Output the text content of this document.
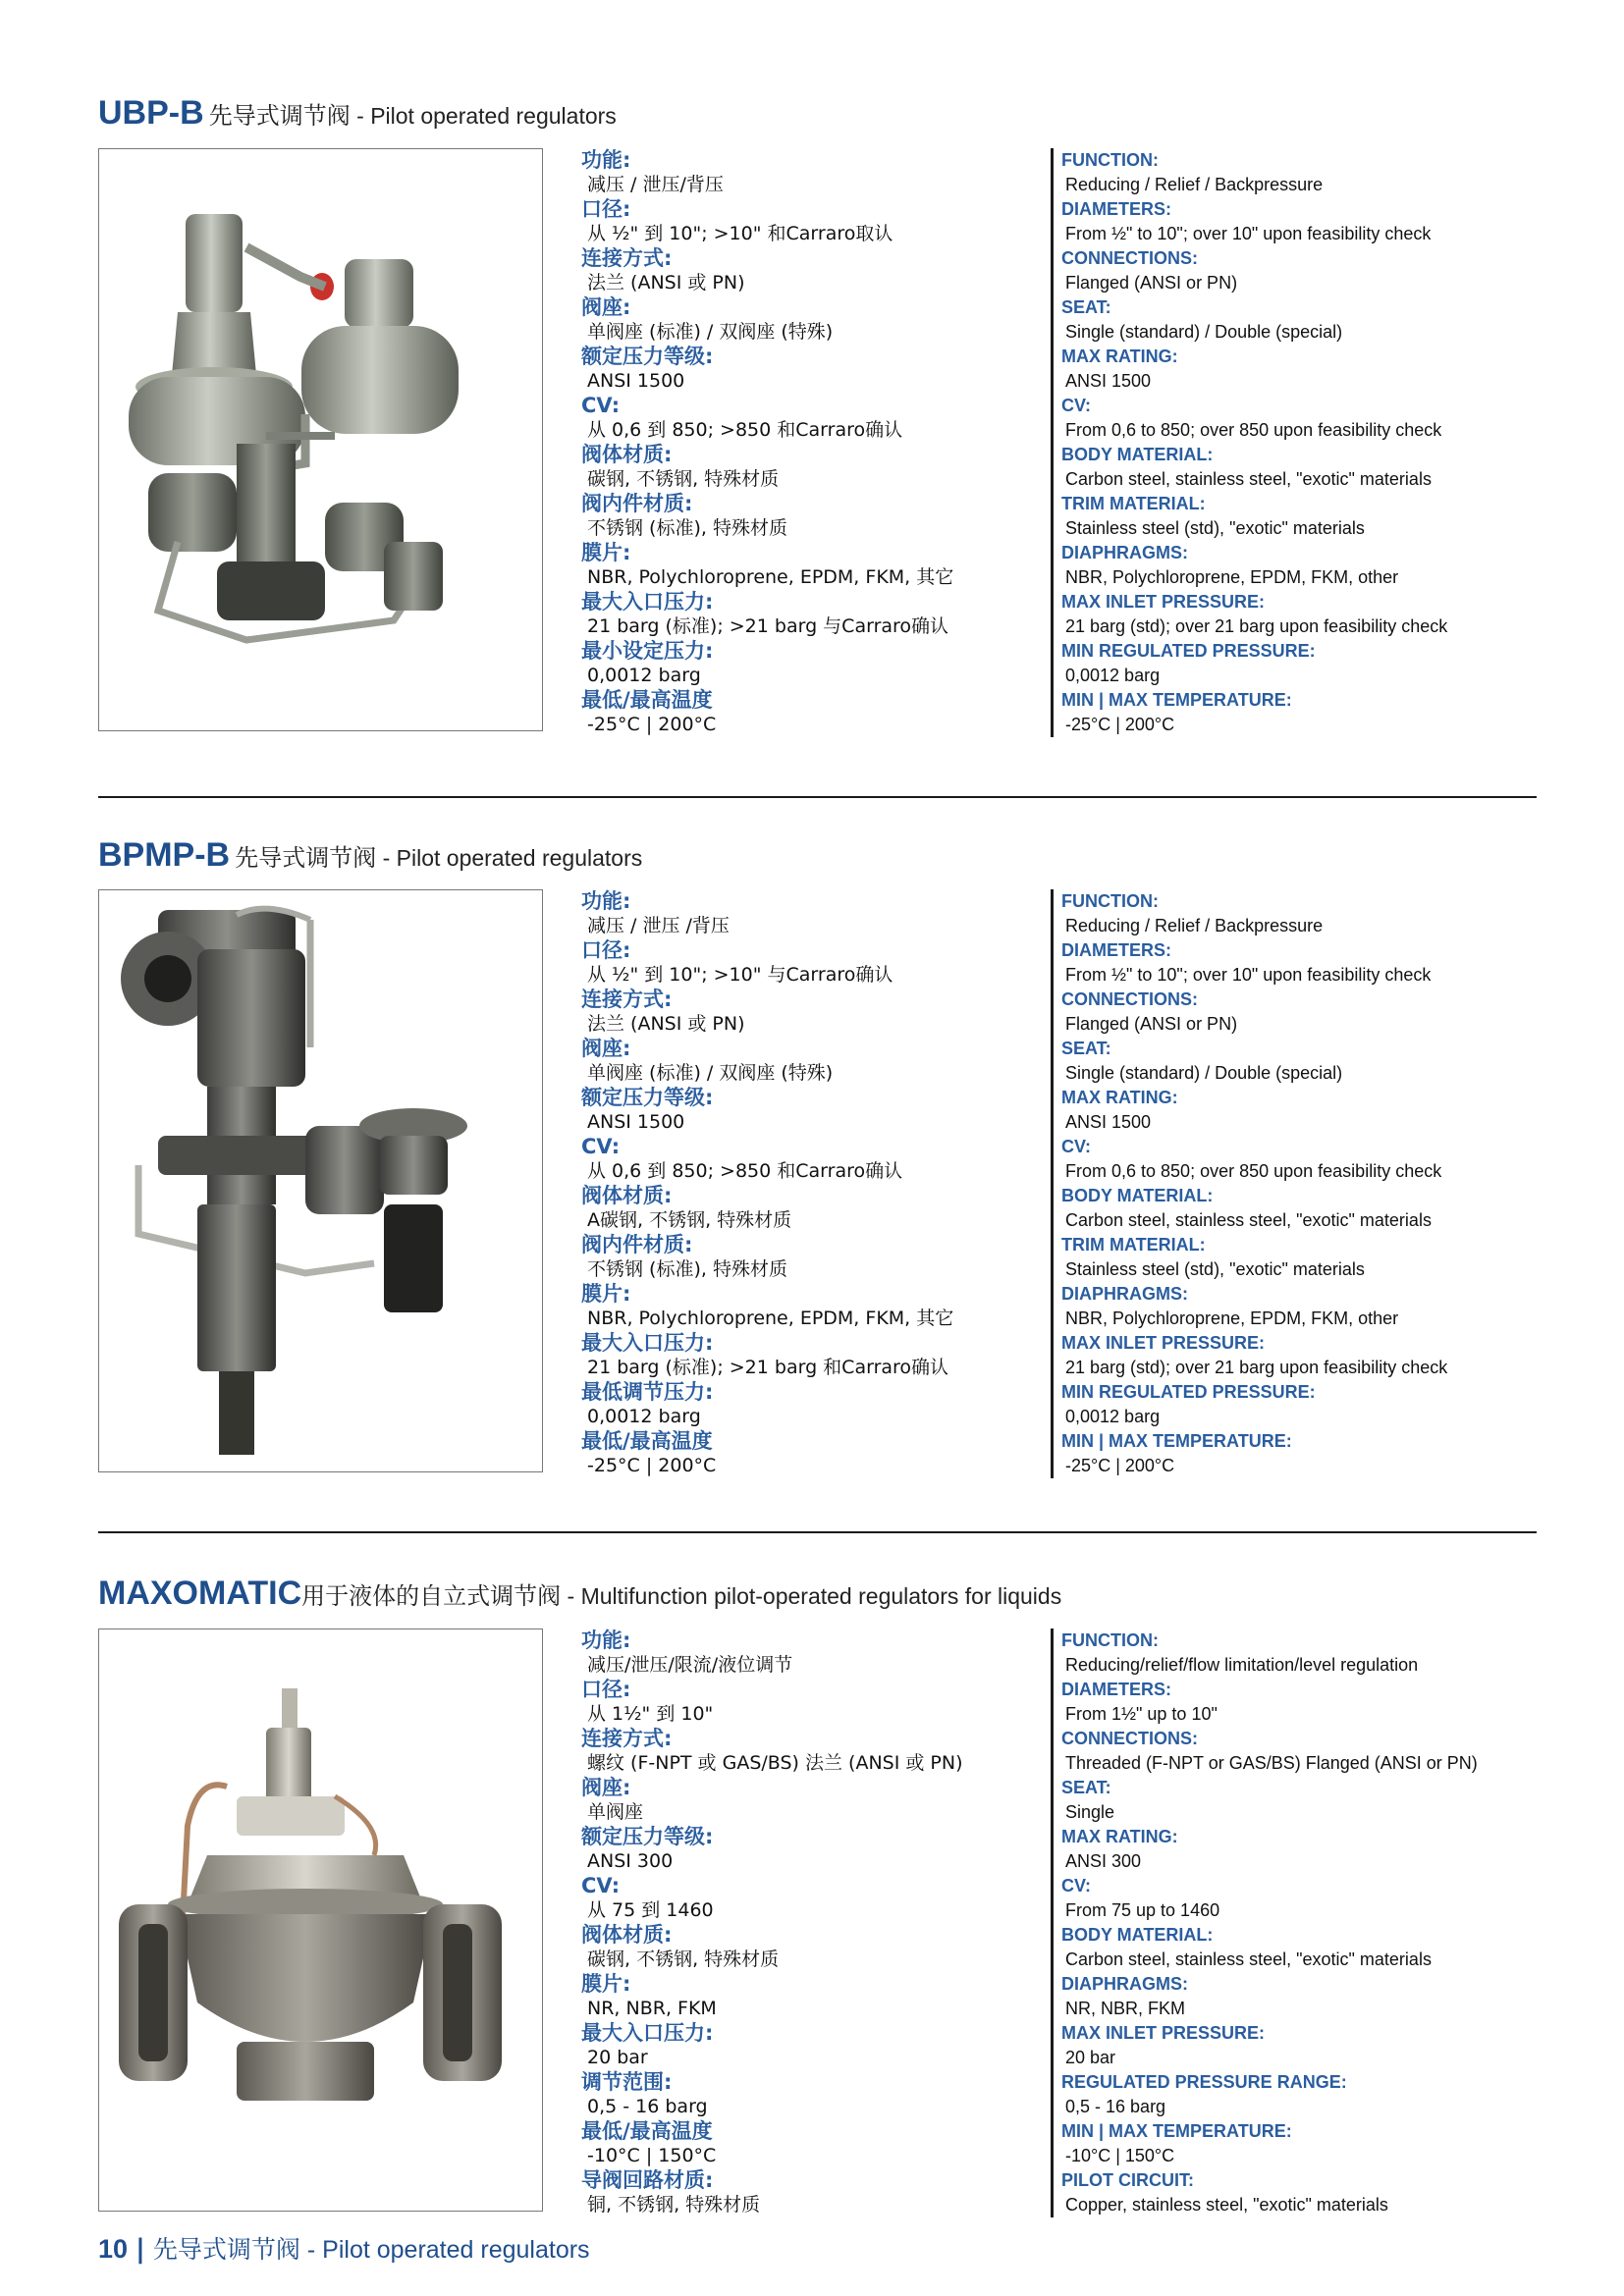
UBP-B 先导式调节阀 - Pilot operated regulators
功能:
减压 / 泄压/背压
口径:
从 ½" 到 10"; >10" 和Carraro取认
连接方式:
法兰 (ANSI 或 PN)
阀座:
单阀座 (标准) / 双阀座 (特殊)
额定压力等级:
ANSI 1500
CV:
从 0,6 到 850; >850 和Carraro确认
阀体材质:
碳钢, 不锈钢, 特殊材质
阀内件材质:
不锈钢 (标准), 特殊材质
膜片:
NBR, Polychloroprene, EPDM, FKM, 其它
最大入口压力:
21 barg (标准); >21 barg 与Carraro确认
最小设定压力:
0,0012 barg
最低/最高温度
-25°C | 200°C
FUNCTION:
Reducing / Relief / Backpressure
DIAMETERS:
From ½" to 10"; over 10" upon feasibility check
CONNECTIONS:
Flanged (ANSI or PN)
SEAT:
Single (standard) / Double (special)
MAX RATING:
ANSI 1500
CV:
From 0,6 to 850; over 850 upon feasibility check
BODY MATERIAL:
Carbon steel, stainless steel, "exotic" materials
TRIM MATERIAL:
Stainless steel (std), "exotic" materials
DIAPHRAGMS:
NBR, Polychloroprene, EPDM, FKM, other
MAX INLET PRESSURE:
21 barg (std); over 21 barg upon feasibility check
MIN REGULATED PRESSURE:
0,0012 barg
MIN | MAX TEMPERATURE:
-25°C | 200°C
BPMP-B 先导式调节阀 - Pilot operated regulators
功能:
减压 / 泄压 /背压
口径:
从 ½" 到 10"; >10" 与Carraro确认
连接方式:
法兰 (ANSI 或 PN)
阀座:
单阀座 (标准) / 双阀座 (特殊)
额定压力等级:
ANSI 1500
CV:
从 0,6 到 850; >850 和Carraro确认
阀体材质:
A碳钢, 不锈钢, 特殊材质
阀内件材质:
不锈钢 (标准), 特殊材质
膜片:
NBR, Polychloroprene, EPDM, FKM, 其它
最大入口压力:
21 barg (标准); >21 barg 和Carraro确认
最低调节压力:
0,0012 barg
最低/最高温度
-25°C | 200°C
FUNCTION:
Reducing / Relief / Backpressure
DIAMETERS:
From ½" to 10"; over 10" upon feasibility check
CONNECTIONS:
Flanged (ANSI or PN)
SEAT:
Single (standard) / Double (special)
MAX RATING:
ANSI 1500
CV:
From 0,6 to 850; over 850 upon feasibility check
BODY MATERIAL:
Carbon steel, stainless steel, "exotic" materials
TRIM MATERIAL:
Stainless steel (std), "exotic" materials
DIAPHRAGMS:
NBR, Polychloroprene, EPDM, FKM, other
MAX INLET PRESSURE:
21 barg (std); over 21 barg upon feasibility check
MIN REGULATED PRESSURE:
0,0012 barg
MIN | MAX TEMPERATURE:
-25°C | 200°C
MAXOMATIC用于液体的自立式调节阀 - Multifunction pilot-operated regulators for liquids
功能:
减压/泄压/限流/液位调节
口径:
从 1½" 到 10"
连接方式:
螺纹 (F-NPT 或 GAS/BS) 法兰 (ANSI 或 PN)
阀座:
单阀座
额定压力等级:
ANSI 300
CV:
从 75 到 1460
阀体材质:
碳钢, 不锈钢, 特殊材质
膜片:
NR, NBR, FKM
最大入口压力:
20 bar
调节范围:
0,5 - 16 barg
最低/最高温度
-10°C | 150°C
导阀回路材质:
铜, 不锈钢, 特殊材质
FUNCTION:
Reducing/relief/flow limitation/level regulation
DIAMETERS:
From 1½" up to 10"
CONNECTIONS:
Threaded (F-NPT or GAS/BS) Flanged (ANSI or PN)
SEAT:
Single
MAX RATING:
ANSI 300
CV:
From 75 up to 1460
BODY MATERIAL:
Carbon steel, stainless steel, "exotic" materials
DIAPHRAGMS:
NR, NBR, FKM
MAX INLET PRESSURE:
20 bar
REGULATED PRESSURE RANGE:
0,5 - 16 barg
MIN | MAX TEMPERATURE:
-10°C | 150°C
PILOT CIRCUIT:
Copper, stainless steel, "exotic" materials
10 | 先导式调节阀 - Pilot operated regulators
